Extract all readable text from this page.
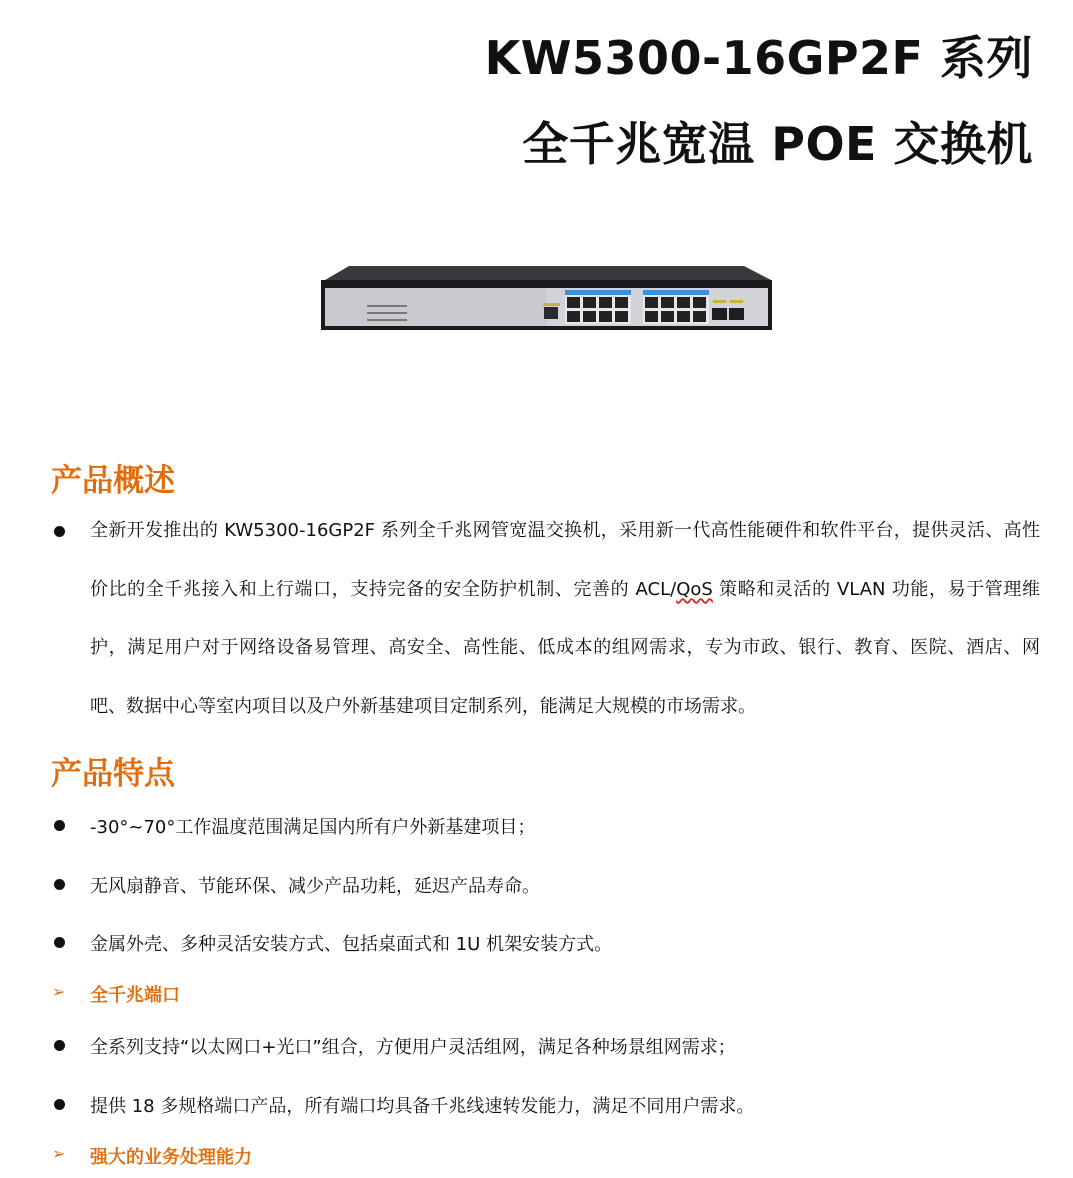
KW5300-16GP2F 系列
全千兆宽温 POE 交换机
产品概述
全新开发推出的 KW5300-16GP2F 系列全千兆网管宽温交换机，采用新一代高性能硬件和软件平台，提供灵活、高性价比的全千兆接入和上行端口，支持完备的安全防护机制、完善的 ACL/QoS 策略和灵活的 VLAN 功能，易于管理维护，满足用户对于网络设备易管理、高安全、高性能、低成本的组网需求，专为市政、银行、教育、医院、酒店、网吧、数据中心等室内项目以及户外新基建项目定制系列，能满足大规模的市场需求。
产品特点
-30°~70°工作温度范围满足国内所有户外新基建项目；
无风扇静音、节能环保、减少产品功耗，延迟产品寿命。
金属外壳、多种灵活安装方式、包括桌面式和 1U 机架安装方式。
➢ 全千兆端口
全系列支持“以太网口+光口”组合，方便用户灵活组网，满足各种场景组网需求；
提供 18 多规格端口产品，所有端口均具备千兆线速转发能力，满足不同用户需求。
➢ 强大的业务处理能力
